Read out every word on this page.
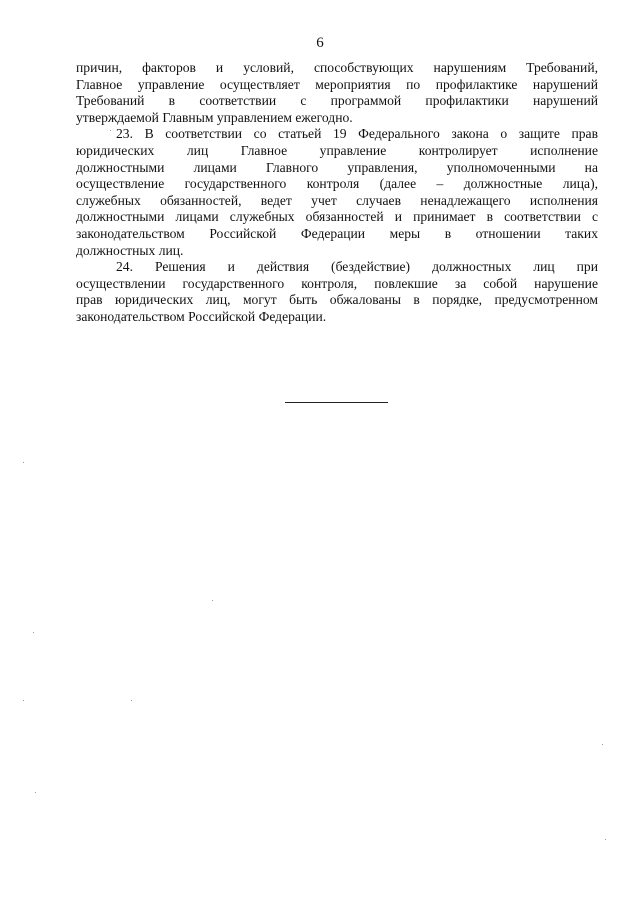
6
причин, факторов и условий, способствующих нарушениям Требований,
Главное управление осуществляет мероприятия по профилактике нарушений
Требований в соответствии с программой профилактики нарушений
утверждаемой Главным управлением ежегодно.
23. В соответствии со статьей 19 Федерального закона о защите прав
юридических лиц Главное управление контролирует исполнение
должностными лицами Главного управления, уполномоченными на
осуществление государственного контроля (далее – должностные лица),
служебных обязанностей, ведет учет случаев ненадлежащего исполнения
должностными лицами служебных обязанностей и принимает в соответствии с
законодательством Российской Федерации меры в отношении таких
должностных лиц.
24. Решения и действия (бездействие) должностных лиц при
осуществлении государственного контроля, повлекшие за собой нарушение
прав юридических лиц, могут быть обжалованы в порядке, предусмотренном
законодательством Российской Федерации.
